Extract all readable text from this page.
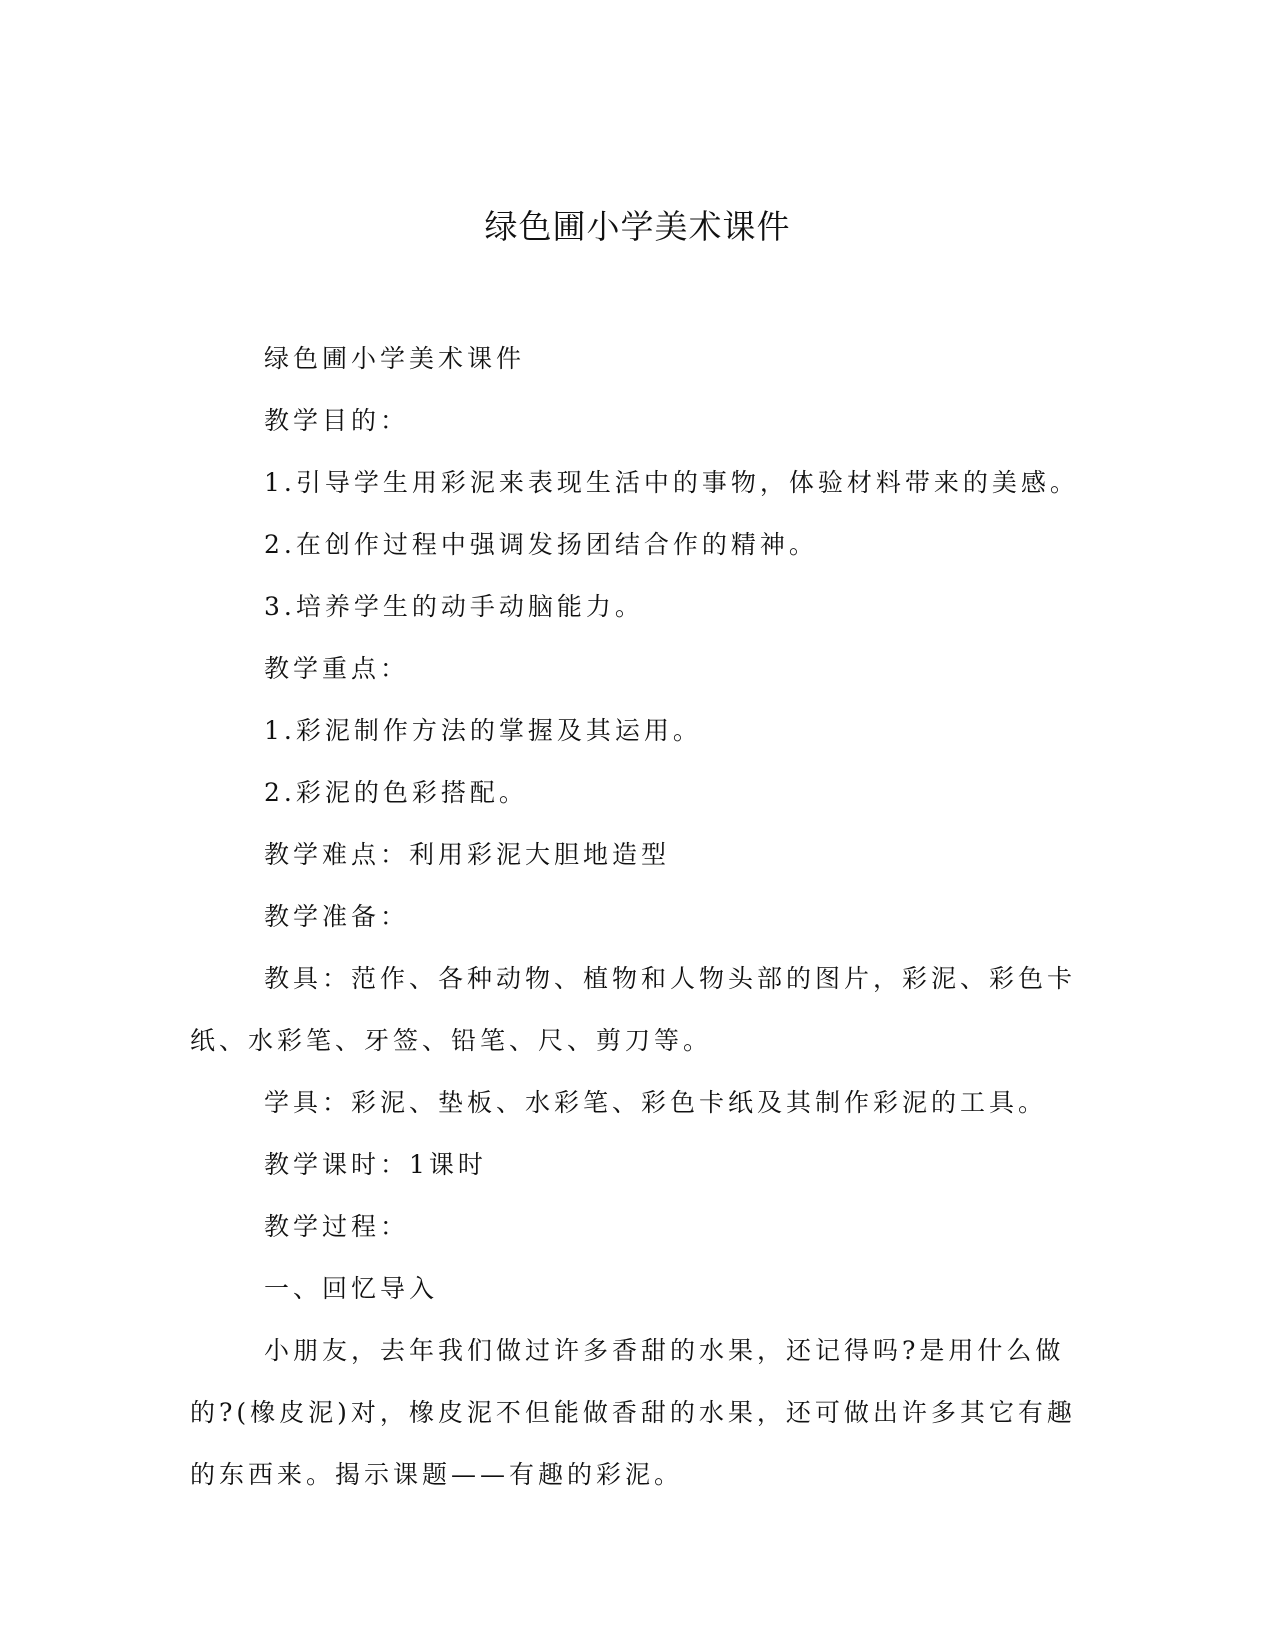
绿色圃小学美术课件

绿色圃小学美术课件

教学目的：

1.引导学生用彩泥来表现生活中的事物，体验材料带来的美感。

2.在创作过程中强调发扬团结合作的精神。

3.培养学生的动手动脑能力。

教学重点：

1.彩泥制作方法的掌握及其运用。

2.彩泥的色彩搭配。

教学难点：利用彩泥大胆地造型

教学准备：

教具：范作、各种动物、植物和人物头部的图片，彩泥、彩色卡纸、水彩笔、牙签、铅笔、尺、剪刀等。

学具：彩泥、垫板、水彩笔、彩色卡纸及其制作彩泥的工具。

教学课时：1课时

教学过程：

一、回忆导入

小朋友，去年我们做过许多香甜的水果，还记得吗?是用什么做的?(橡皮泥)对，橡皮泥不但能做香甜的水果，还可做出许多其它有趣的东西来。揭示课题——有趣的彩泥。
